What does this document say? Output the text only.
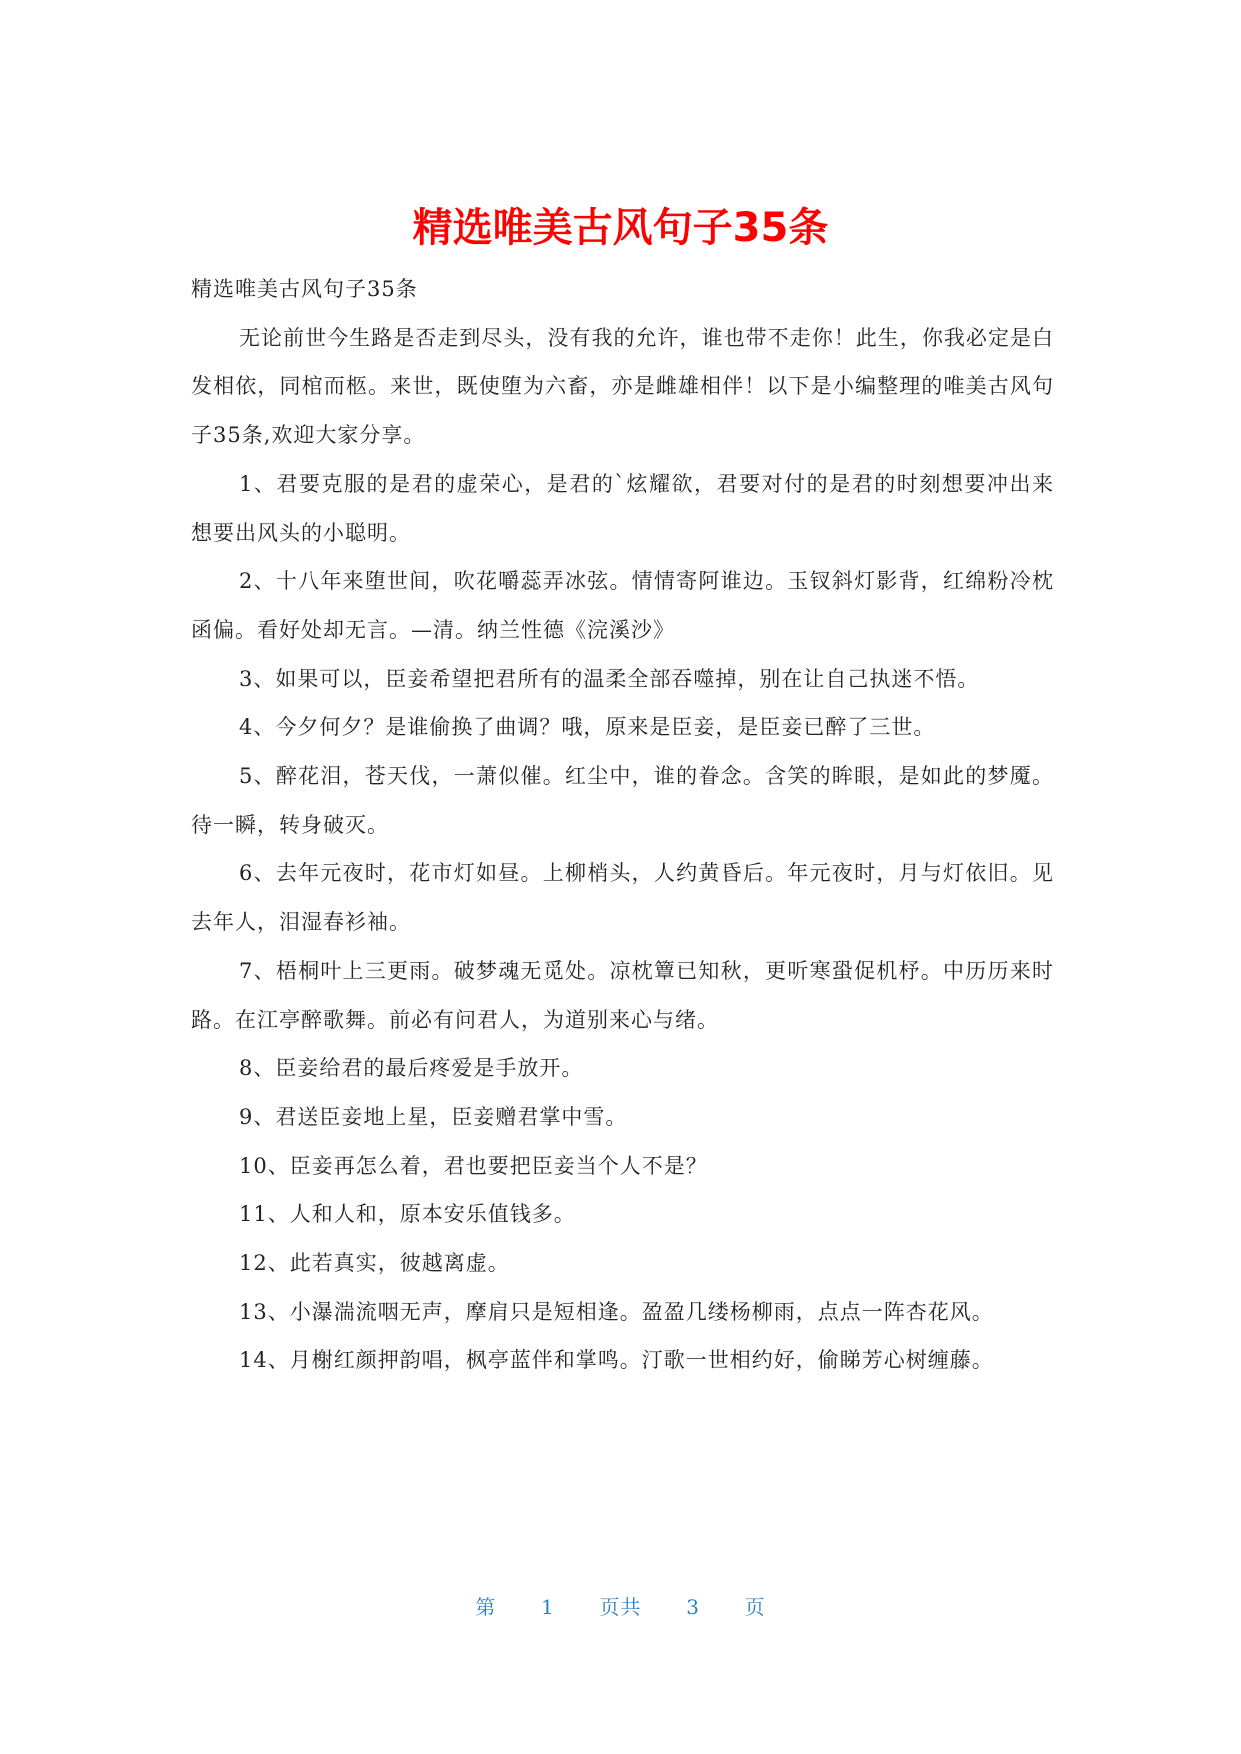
精选唯美古风句子35条

精选唯美古风句子35条

无论前世今生路是否走到尽头，没有我的允许，谁也带不走你！此生，你我必定是白发相依，同棺而柩。来世，既使堕为六畜，亦是雌雄相伴！以下是小编整理的唯美古风句子35条,欢迎大家分享。

1、君要克服的是君的虚荣心，是君的`炫耀欲，君要对付的是君的时刻想要冲出来想要出风头的小聪明。

2、十八年来堕世间，吹花嚼蕊弄冰弦。情情寄阿谁边。玉钗斜灯影背，红绵粉冷枕函偏。看好处却无言。—清。纳兰性德《浣溪沙》

3、如果可以，臣妾希望把君所有的温柔全部吞噬掉，别在让自己执迷不悟。

4、今夕何夕？是谁偷换了曲调？哦，原来是臣妾，是臣妾已醉了三世。

5、醉花泪，苍天伐，一萧似催。红尘中，谁的眷念。含笑的眸眼，是如此的梦魇。待一瞬，转身破灭。

6、去年元夜时，花市灯如昼。上柳梢头，人约黄昏后。年元夜时，月与灯依旧。见去年人，泪湿春衫袖。

7、梧桐叶上三更雨。破梦魂无觅处。凉枕簟已知秋，更听寒蛩促机杼。中历历来时路。在江亭醉歌舞。前必有问君人，为道别来心与绪。

8、臣妾给君的最后疼爱是手放开。

9、君送臣妾地上星，臣妾赠君掌中雪。

10、臣妾再怎么着，君也要把臣妾当个人不是？

11、人和人和，原本安乐值钱多。

12、此若真实，彼越离虚。

13、小瀑湍流咽无声，摩肩只是短相逢。盈盈几缕杨柳雨，点点一阵杏花风。

14、月榭红颜押韵唱，枫亭蓝伴和掌鸣。汀歌一世相约好，偷睇芳心树缠藤。

第 1 页共 3 页
